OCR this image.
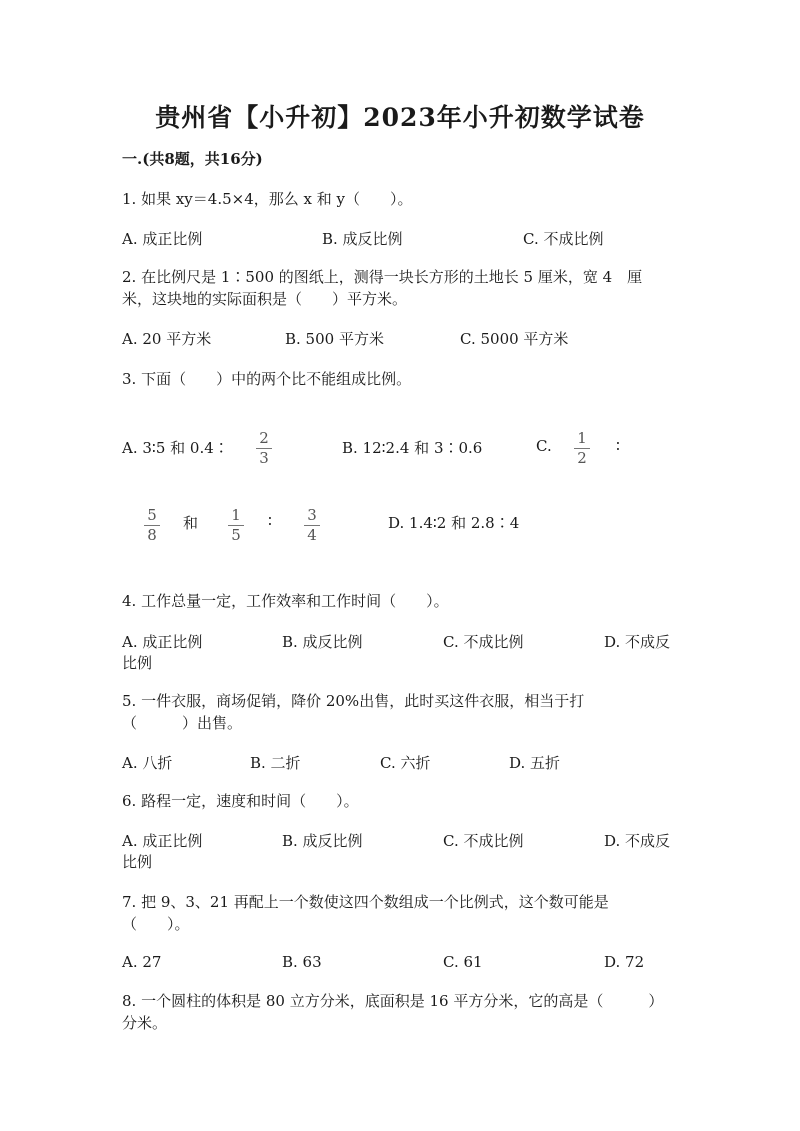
贵州省【小升初】2023年小升初数学试卷
一.(共8题，共16分)
1. 如果 xy＝4.5×4，那么 x 和 y（　　）。
A. 成正比例	B. 成反比例	C. 不成比例
2. 在比例尺是 1∶500 的图纸上，测得一块长方形的土地长 5 厘米，宽 4　厘
米，这块地的实际面积是（　　）平方米。
A. 20 平方米	B. 500 平方米	C. 5000 平方米
3. 下面（　　）中的两个比不能组成比例。
A. 3∶5 和 0.4∶
2
3
B. 12∶2.4 和 3∶0.6	C. 1
2
∶
5
8
和 1
5
∶ 3
4
D. 1.4∶2 和 2.8∶4
4. 工作总量一定，工作效率和工作时间（　　）。
A. 成正比例	B. 成反比例	C. 不成比例	D. 不成反
比例
5. 一件衣服，商场促销，降价 20%出售，此时买这件衣服，相当于打
（　　　）出售。
A. 八折	B. 二折	C. 六折	D. 五折
6. 路程一定，速度和时间（　　）。
A. 成正比例	B. 成反比例	C. 不成比例	D. 不成反
比例
7. 把 9、3、21 再配上一个数使这四个数组成一个比例式，这个数可能是
（　　）。
A. 27	B. 63	C. 61	D. 72
8. 一个圆柱的体积是 80 立方分米，底面积是 16 平方分米，它的高是（　　　）
分米。
